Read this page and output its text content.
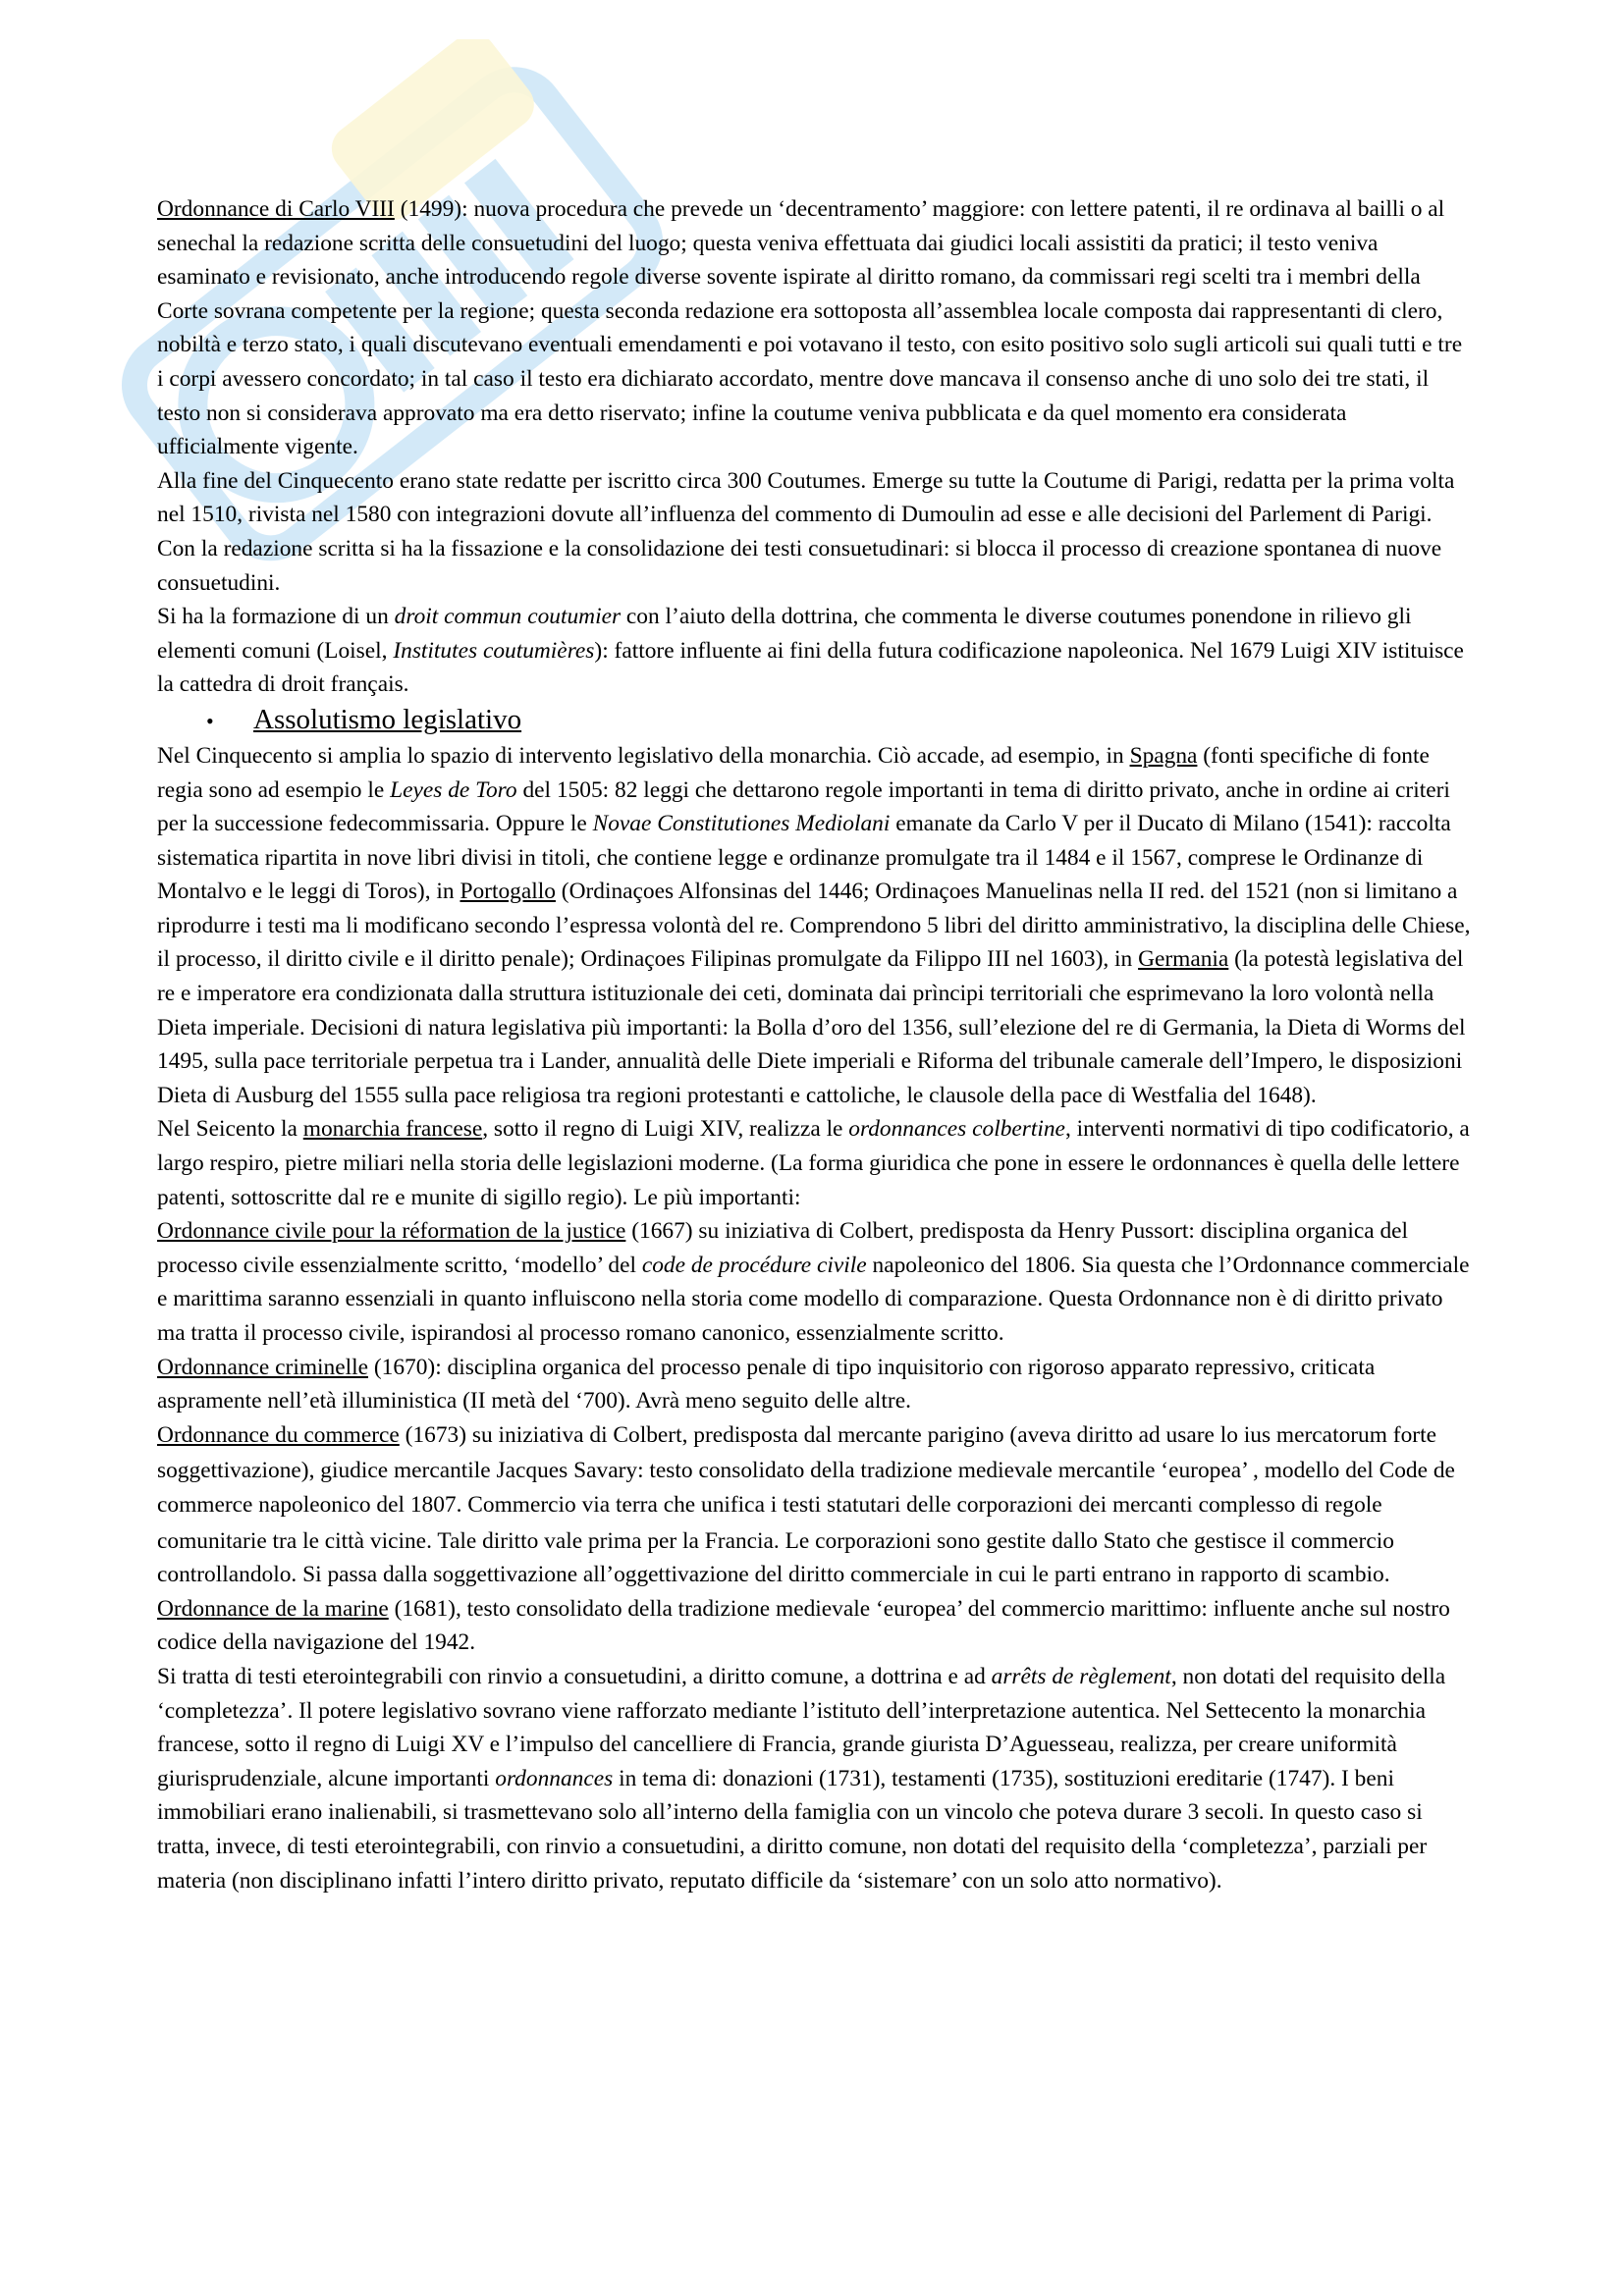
Ordonnance di Carlo VIII (1499): nuova procedura che prevede un ‘decentramento’ maggiore: con lettere patenti, il re ordinava al bailli o al senechal la redazione scritta delle consuetudini del luogo; questa veniva effettuata dai giudici locali assistiti da pratici; il testo veniva esaminato e revisionato, anche introducendo regole diverse sovente ispirate al diritto romano, da commissari regi scelti tra i membri della Corte sovrana competente per la regione; questa seconda redazione era sottoposta all’assemblea locale composta dai rappresentanti di clero, nobiltà e terzo stato, i quali discutevano eventuali emendamenti e poi votavano il testo, con esito positivo solo sugli articoli sui quali tutti e tre i corpi avessero concordato; in tal caso il testo era dichiarato accordato, mentre dove mancava il consenso anche di uno solo dei tre stati, il testo non si considerava approvato ma era detto riservato; infine la coutume veniva pubblicata e da quel momento era considerata ufficialmente vigente.

Alla fine del Cinquecento erano state redatte per iscritto circa 300 Coutumes. Emerge su tutte la Coutume di Parigi, redatta per la prima volta nel 1510, rivista nel 1580 con integrazioni dovute all’influenza del commento di Dumoulin ad esse e alle decisioni del Parlement di Parigi. Con la redazione scritta si ha la fissazione e la consolidazione dei testi consuetudinari: si blocca il processo di creazione spontanea di nuove consuetudini.

Si ha la formazione di un droit commun coutumier con l’aiuto della dottrina, che commenta le diverse coutumes ponendone in rilievo gli elementi comuni (Loisel, Institutes coutumières): fattore influente ai fini della futura codificazione napoleonica. Nel 1679 Luigi XIV istituisce la cattedra di droit français.

•	Assolutismo legislativo

Nel Cinquecento si amplia lo spazio di intervento legislativo della monarchia. Ciò accade, ad esempio, in Spagna (fonti specifiche di fonte regia sono ad esempio le Leyes de Toro del 1505: 82 leggi che dettarono regole importanti in tema di diritto privato, anche in ordine ai criteri per la successione fedecommissaria. Oppure le Novae Constitutiones Mediolani emanate da Carlo V per il Ducato di Milano (1541): raccolta sistematica ripartita in nove libri divisi in titoli, che contiene legge e ordinanze promulgate tra il 1484 e il 1567, comprese le Ordinanze di Montalvo e le leggi di Toros), in Portogallo (Ordinaçoes Alfonsinas del 1446; Ordinaçoes Manuelinas nella II red. del 1521 (non si limitano a riprodurre i testi ma li modificano secondo l’espressa volontà del re. Comprendono 5 libri del diritto amministrativo, la disciplina delle Chiese, il processo, il diritto civile e il diritto penale); Ordinaçoes Filipinas promulgate da Filippo III nel 1603), in Germania (la potestà legislativa del re e imperatore era condizionata dalla struttura istituzionale dei ceti, dominata dai prìncipi territoriali che esprimevano la loro volontà nella Dieta imperiale. Decisioni di natura legislativa più importanti: la Bolla d’oro del 1356, sull’elezione del re di Germania, la Dieta di Worms del 1495, sulla pace territoriale perpetua tra i Lander, annualità delle Diete imperiali e Riforma del tribunale camerale dell’Impero, le disposizioni Dieta di Ausburg del 1555 sulla pace religiosa tra regioni protestanti e cattoliche, le clausole della pace di Westfalia del 1648).

Nel Seicento la monarchia francese, sotto il regno di Luigi XIV, realizza le ordonnances colbertine, interventi normativi di tipo codificatorio, a largo respiro, pietre miliari nella storia delle legislazioni moderne. (La forma giuridica che pone in essere le ordonnances è quella delle lettere patenti, sottoscritte dal re e munite di sigillo regio). Le più importanti:

Ordonnance civile pour la réformation de la justice (1667) su iniziativa di Colbert, predisposta da Henry Pussort: disciplina organica del processo civile essenzialmente scritto, ‘modello’ del code de procédure civile napoleonico del 1806. Sia questa che l’Ordonnance commerciale e marittima saranno essenziali in quanto influiscono nella storia come modello di comparazione. Questa Ordonnance non è di diritto privato ma tratta il processo civile, ispirandosi al processo romano canonico, essenzialmente scritto.

Ordonnance criminelle (1670): disciplina organica del processo penale di tipo inquisitorio con rigoroso apparato repressivo, criticata aspramente nell’età illuministica (II metà del ‘700). Avrà meno seguito delle altre.

Ordonnance du commerce (1673) su iniziativa di Colbert, predisposta dal mercante parigino (aveva diritto ad usare lo ius mercatorum forte soggettivazione), giudice mercantile Jacques Savary: testo consolidato della tradizione medievale mercantile ‘europea’ , modello del Code de commerce napoleonico del 1807. Commercio via terra che unifica i testi statutari delle corporazioni dei mercanti complesso di regole comunitarie tra le città vicine. Tale diritto vale prima per la Francia. Le corporazioni sono gestite dallo Stato che gestisce il commercio controllandolo. Si passa dalla soggettivazione all’oggettivazione del diritto commerciale in cui le parti entrano in rapporto di scambio.

Ordonnance de la marine (1681), testo consolidato della tradizione medievale ‘europea’ del commercio marittimo: influente anche sul nostro codice della navigazione del 1942.

Si tratta di testi eterointegrabili con rinvio a consuetudini, a diritto comune, a dottrina e ad arrêts de règlement, non dotati del requisito della ‘completezza’. Il potere legislativo sovrano viene rafforzato mediante l’istituto dell’interpretazione autentica. Nel Settecento la monarchia francese, sotto il regno di Luigi XV e l’impulso del cancelliere di Francia, grande giurista D’Aguesseau, realizza, per creare uniformità giurisprudenziale, alcune importanti ordonnances in tema di: donazioni (1731), testamenti (1735), sostituzioni ereditarie (1747). I beni immobiliari erano inalienabili, si trasmettevano solo all’interno della famiglia con un vincolo che poteva durare 3 secoli. In questo caso si tratta, invece, di testi eterointegrabili, con rinvio a consuetudini, a diritto comune, non dotati del requisito della ‘completezza’, parziali per materia (non disciplinano infatti l’intero diritto privato, reputato difficile da ‘sistemare’ con un solo atto normativo).
